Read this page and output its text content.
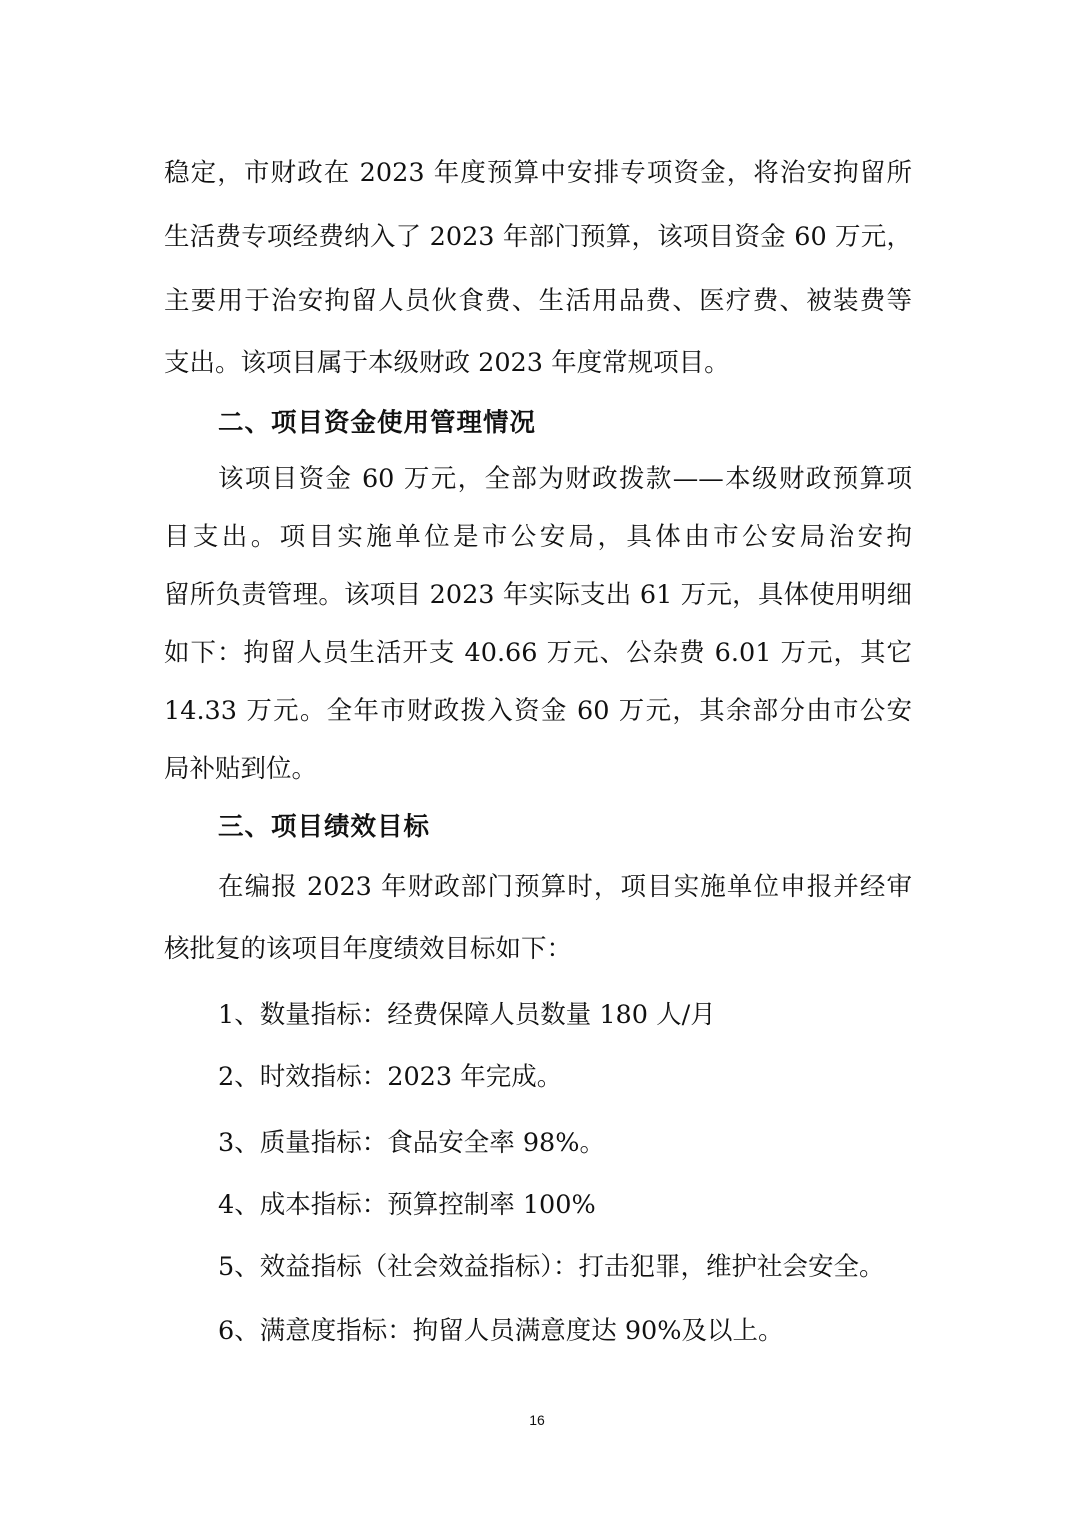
稳定，市财政在 2023 年度预算中安排专项资金，将治安拘留所
生活费专项经费纳入了 2023 年部门预算，该项目资金 60 万元，
主要用于治安拘留人员伙食费、生活用品费、医疗费、被装费等
支出。该项目属于本级财政 2023 年度常规项目。
二、项目资金使用管理情况
该项目资金 60 万元，全部为财政拨款——本级财政预算项
目支出。项目实施单位是市公安局，具体由市公安局治安拘
留所负责管理。该项目 2023 年实际支出 61 万元，具体使用明细
如下：拘留人员生活开支 40.66 万元、公杂费 6.01 万元，其它
14.33 万元。全年市财政拨入资金 60 万元，其余部分由市公安
局补贴到位。
三、项目绩效目标
在编报 2023 年财政部门预算时，项目实施单位申报并经审
核批复的该项目年度绩效目标如下：
1、数量指标：经费保障人员数量 180 人/月
2、时效指标：2023 年完成。
3、质量指标：食品安全率 98%。
4、成本指标：预算控制率 100%
5、效益指标（社会效益指标）：打击犯罪，维护社会安全。
6、满意度指标：拘留人员满意度达 90%及以上。
16
